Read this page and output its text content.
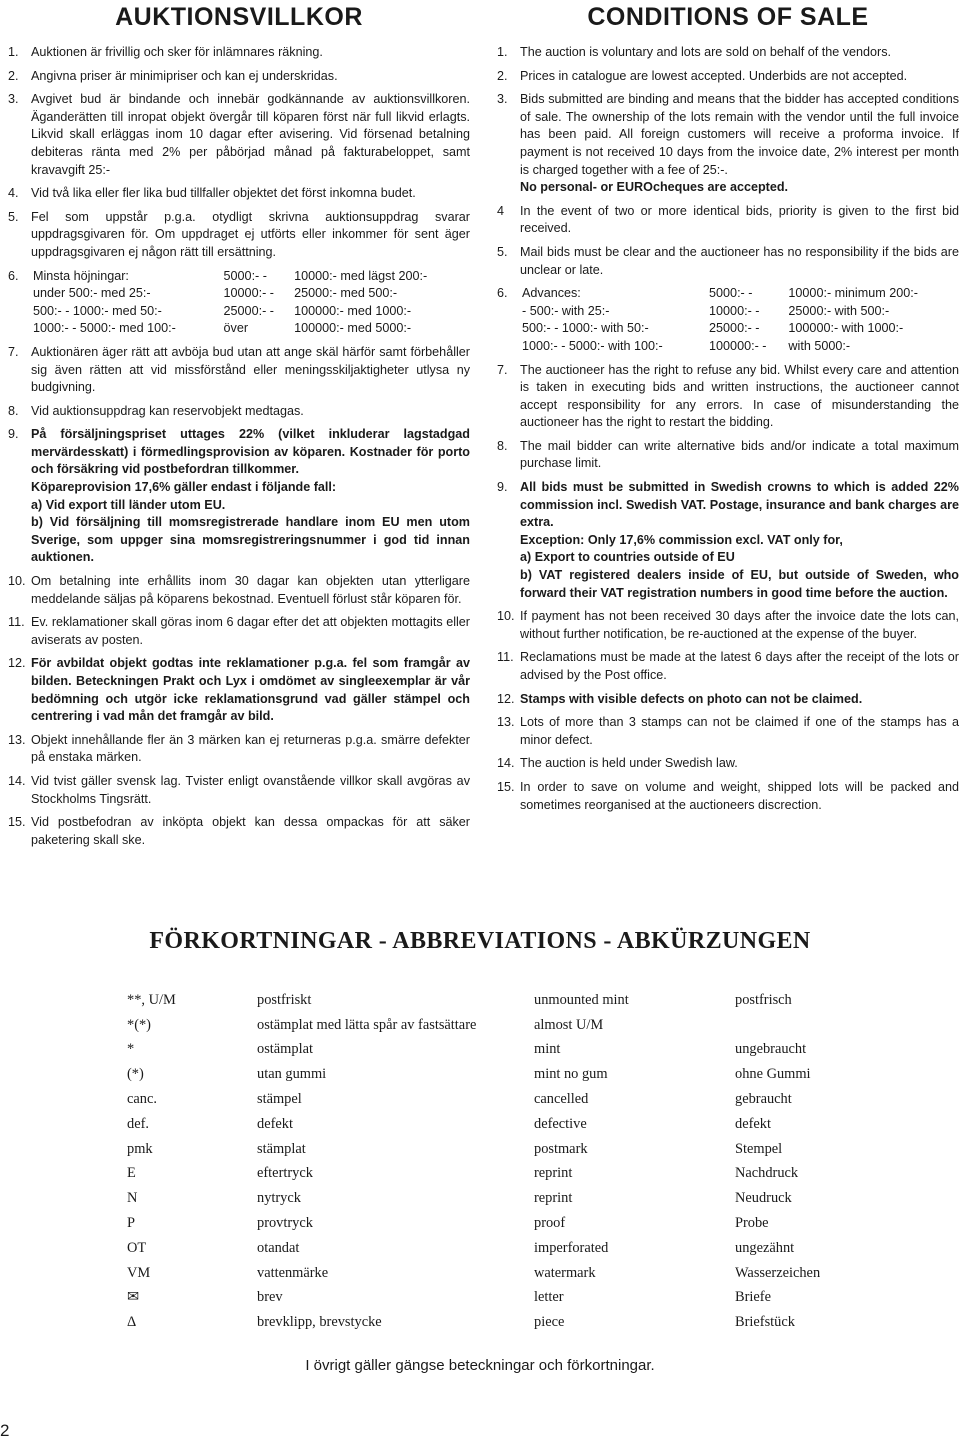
AUKTIONSVILLKOR
1. Auktionen är frivillig och sker för inlämnares räkning.
2. Angivna priser är minimipriser och kan ej underskridas.
3. Avgivet bud är bindande och innebär godkännande av auktionsvillkoren. Äganderätten till inropat objekt övergår till köparen först när full likvid erlagts. Likvid skall erläggas inom 10 dagar efter avisering. Vid försenad betalning debiteras ränta med 2% per påbörjad månad på fakturabeloppet, samt kravavgift 25:-
4. Vid två lika eller fler lika bud tillfaller objektet det först inkomna budet.
5. Fel som uppstår p.g.a. otydligt skrivna auktionsuppdrag svarar uppdragsgivaren för. Om uppdraget ej utförts eller inkommer för sent äger uppdragsgivaren ej någon rätt till ersättning.
6.	Minsta höjningar:	5000:- -	10000:- med lägst 200:-
under 500:- med 25:-	10000:- -	25000:- med 500:-
500:- - 1000:- med 50:-	25000:- -	100000:- med 1000:-
1000:- - 5000:- med 100:-	över	100000:- med 5000:-
7. Auktionären äger rätt att avböja bud utan att ange skäl härför samt förbehåller sig även rätten att vid missförstånd eller meningsskiljaktigheter utlysa ny budgivning.
8. Vid auktionsuppdrag kan reservobjekt medtagas.
9. På försäljningspriset uttages 22% (vilket inkluderar lagstadgad mervärdesskatt) i förmedlingsprovision av köparen. Kostnader för porto och försäkring vid postbefordran tillkommer.
Köpareprovision 17,6% gäller endast i följande fall:
a) Vid export till länder utom EU.
b) Vid försäljning till momsregistrerade handlare inom EU men utom Sverige, som uppger sina momsregistreringsnummer i god tid innan auktionen.
10. Om betalning inte erhållits inom 30 dagar kan objekten utan ytterligare meddelande säljas på köparens bekostnad. Eventuell förlust står köparen för.
11. Ev. reklamationer skall göras inom 6 dagar efter det att objekten mottagits eller aviserats av posten.
12. För avbildat objekt godtas inte reklamationer p.g.a. fel som framgår av bilden. Beteckningen Prakt och Lyx i omdömet av singleexemplar är vår bedömning och utgör icke reklamationsgrund vad gäller stämpel och centrering i vad mån det framgår av bild.
13. Objekt innehållande fler än 3 märken kan ej returneras p.g.a. smärre defekter på enstaka märken.
14. Vid tvist gäller svensk lag. Tvister enligt ovanstående villkor skall avgöras av Stockholms Tingsrätt.
15. Vid postbefodran av inköpta objekt kan dessa ompackas för att säker paketering skall ske.
CONDITIONS OF SALE
1. The auction is voluntary and lots are sold on behalf of the vendors.
2. Prices in catalogue are lowest accepted. Underbids are not accepted.
3. Bids submitted are binding and means that the bidder has accepted conditions of sale. The ownership of the lots remain with the vendor until the full invoice has been paid. All foreign customers will receive a proforma invoice. If payment is not received 10 days from the invoice date, 2% interest per month is charged together with a fee of 25:-.
No personal- or EUROcheques are accepted.
4	In the event of two or more identical bids, priority is given to the first bid received.
5. Mail bids must be clear and the auctioneer has no responsibility if the bids are unclear or late.
6.	Advances:	5000:- -	10000:- minimum 200:-
- 500:- with 25:-	10000:- -	25000:- with 500:-
500:- - 1000:- with 50:-	25000:- -	100000:- with 1000:-
1000:- - 5000:- with 100:-	100000:- -	with 5000:-
7. The auctioneer has the right to refuse any bid. Whilst every care and attention is taken in executing bids and written instructions, the auctioneer cannot accept responsibility for any errors. In case of misunderstanding the auctioneer has the right to restart the bidding.
8. The mail bidder can write alternative bids and/or indicate a total maximum purchase limit.
9. All bids must be submitted in Swedish crowns to which is added 22% commission incl. Swedish VAT. Postage, insurance and bank charges are extra.
Exception: Only 17,6% commission excl. VAT only for,
a) Export to countries outside of EU
b) VAT registered dealers inside of EU, but outside of Sweden, who forward their VAT registration numbers in good time before the auction.
10. If payment has not been received 30 days after the invoice date the lots can, without further notification, be re-auctioned at the expense of the buyer.
11. Reclamations must be made at the latest 6 days after the receipt of the lots or advised by the Post office.
12. Stamps with visible defects on photo can not be claimed.
13. Lots of more than 3 stamps can not be claimed if one of the stamps has a minor defect.
14. The auction is held under Swedish law.
15. In order to save on volume and weight, shipped lots will be packed and sometimes reorganised at the auctioneers discrection.
FÖRKORTNINGAR - ABBREVIATIONS - ABKÜRZUNGEN
**, U/M	postfriskt	unmounted mint	postfrisch
*(*)	ostämplat med lätta spår av fastsättare	almost U/M
*	ostämplat	mint	ungebraucht
(*)	utan gummi	mint no gum	ohne Gummi
canc.	stämpel	cancelled	gebraucht
def.	defekt	defective	defekt
pmk	stämplat	postmark	Stempel
E	eftertryck	reprint	Nachdruck
N	nytryck	reprint	Neudruck
P	provtryck	proof	Probe
OT	otandat	imperforated	ungezähnt
VM	vattenmärke	watermark	Wasserzeichen
✉	brev	letter	Briefe
Δ	brevklipp, brevstycke	piece	Briefstück
I övrigt gäller gängse beteckningar och förkortningar.
2
